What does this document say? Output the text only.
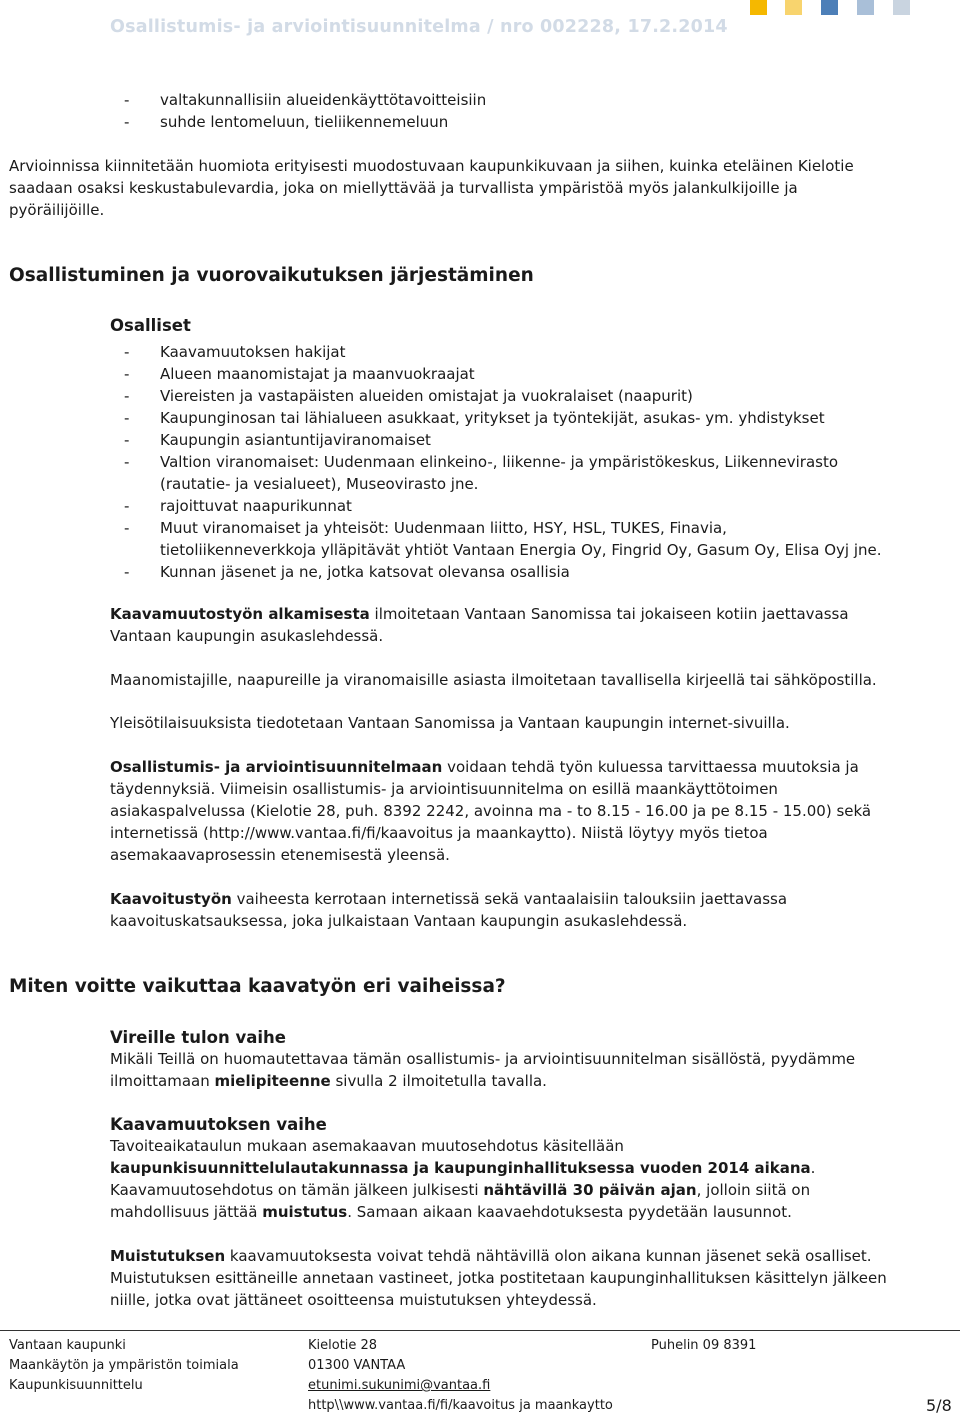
Osallistumis- ja arviointisuunnitelma / nro 002228, 17.2.2014
- valtakunnallisiin alueidenkäyttötavoitteisiin
- suhde lentomeluun, tieliikennemeluun
Arvioinnissa kiinnitetään huomiota erityisesti muodostuvaan kaupunkikuvaan ja siihen, kuinka eteläinen Kielotie
saadaan osaksi keskustabulevardia, joka on miellyttävää ja turvallista ympäristöä myös jalankulkijoille ja
pyöräilijöille.
Osallistuminen ja vuorovaikutuksen järjestäminen
Osalliset
- Kaavamuutoksen hakijat
- Alueen maanomistajat ja maanvuokraajat
- Viereisten ja vastapäisten alueiden omistajat ja vuokralaiset (naapurit)
- Kaupunginosan tai lähialueen asukkaat, yritykset ja työntekijät, asukas- ym. yhdistykset
- Kaupungin asiantuntijaviranomaiset
- Valtion viranomaiset: Uudenmaan elinkeino-, liikenne- ja ympäristökeskus, Liikennevirasto
(rautatie- ja vesialueet), Museovirasto jne.
- rajoittuvat naapurikunnat
- Muut viranomaiset ja yhteisöt: Uudenmaan liitto, HSY, HSL, TUKES, Finavia,
tietoliikenneverkkoja ylläpitävät yhtiöt Vantaan Energia Oy, Fingrid Oy, Gasum Oy, Elisa Oyj jne.
- Kunnan jäsenet ja ne, jotka katsovat olevansa osallisia
Kaavamuutostyön alkamisesta ilmoitetaan Vantaan Sanomissa tai jokaiseen kotiin jaettavassa
Vantaan kaupungin asukaslehdessä.
Maanomistajille, naapureille ja viranomaisille asiasta ilmoitetaan tavallisella kirjeellä tai sähköpostilla.
Yleisötilaisuuksista tiedotetaan Vantaan Sanomissa ja Vantaan kaupungin internet-sivuilla.
Osallistumis- ja arviointisuunnitelmaan voidaan tehdä työn kuluessa tarvittaessa muutoksia ja
täydennyksiä. Viimeisin osallistumis- ja arviointisuunnitelma on esillä maankäyttötoimen
asiakaspalvelussa (Kielotie 28, puh. 8392 2242, avoinna ma - to 8.15 - 16.00 ja pe 8.15 - 15.00) sekä
internetissä (http://www.vantaa.fi/fi/kaavoitus ja maankaytto). Niistä löytyy myös tietoa
asemakaavaprosessin etenemisestä yleensä.
Kaavoitustyön vaiheesta kerrotaan internetissä sekä vantaalaisiin talouksiin jaettavassa
kaavoituskatsauksessa, joka julkaistaan Vantaan kaupungin asukaslehdessä.
Miten voitte vaikuttaa kaavatyön eri vaiheissa?
Vireille tulon vaihe
Mikäli Teillä on huomautettavaa tämän osallistumis- ja arviointisuunnitelman sisällöstä, pyydämme
ilmoittamaan mielipiteenne sivulla 2 ilmoitetulla tavalla.
Kaavamuutoksen vaihe
Tavoiteaikataulun mukaan asemakaavan muutosehdotus käsitellään
kaupunkisuunnittelulautakunnassa ja kaupunginhallituksessa vuoden 2014 aikana.
Kaavamuutosehdotus on tämän jälkeen julkisesti nähtävillä 30 päivän ajan, jolloin siitä on
mahdollisuus jättää muistutus. Samaan aikaan kaavaehdotuksesta pyydetään lausunnot.
Muistutuksen kaavamuutoksesta voivat tehdä nähtävillä olon aikana kunnan jäsenet sekä osalliset.
Muistutuksen esittäneille annetaan vastineet, jotka postitetaan kaupunginhallituksen käsittelyn jälkeen
niille, jotka ovat jättäneet osoitteensa muistutuksen yhteydessä.
Vantaan kaupunki
Maankäytön ja ympäristön toimiala
Kaupunkisuunnittelu
Kielotie 28
01300 VANTAA
etunimi.sukunimi@vantaa.fi
http\\www.vantaa.fi/fi/kaavoitus ja maankaytto
Puhelin 09 8391
5/8
